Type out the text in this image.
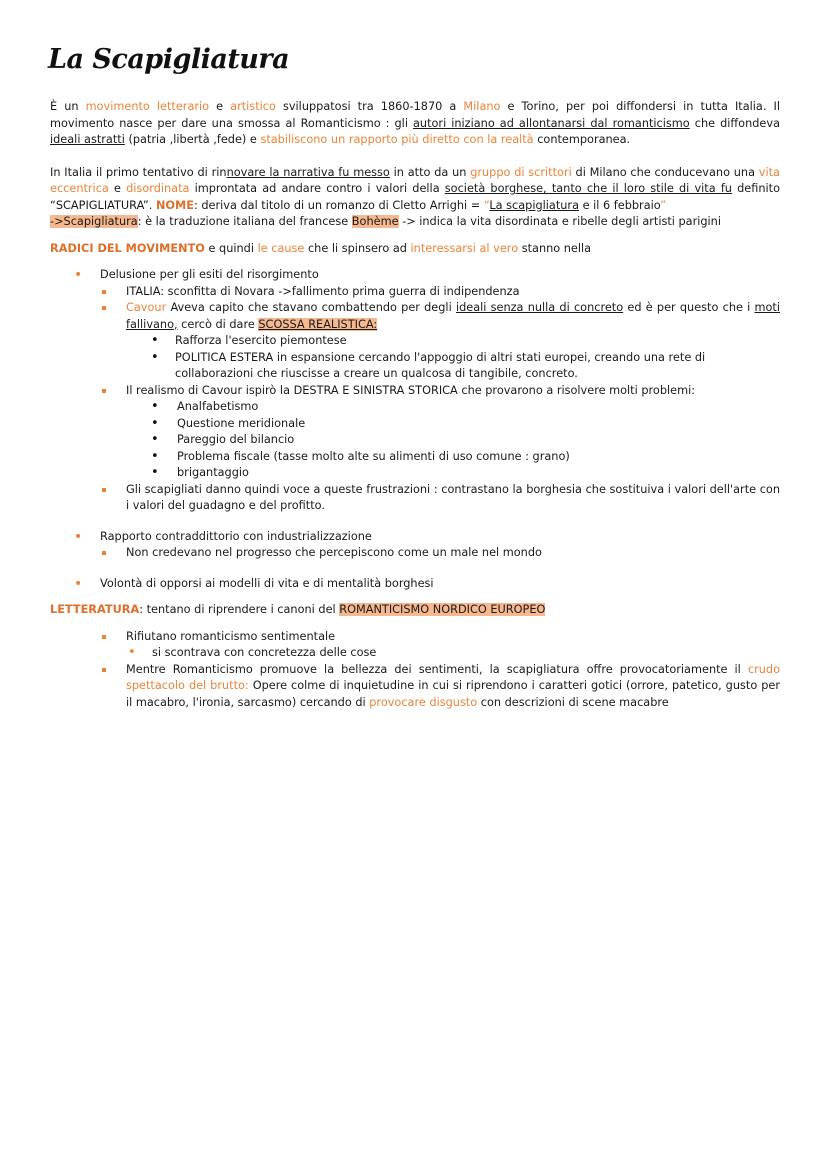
La Scapigliatura

È un movimento letterario e artistico sviluppatosi tra 1860-1870 a Milano e Torino, per poi diffondersi in tutta Italia. Il movimento nasce per dare una smossa al Romanticismo : gli autori iniziano ad allontanarsi dal romanticismo che diffondeva ideali astratti (patria ,libertà ,fede) e stabiliscono un rapporto più diretto con la realtà contemporanea.

In Italia il primo tentativo di rinnovare la narrativa fu messo in atto da un gruppo di scrittori di Milano che conducevano una vita eccentrica e disordinata improntata ad andare contro i valori della società borghese, tanto che il loro stile di vita fu definito “SCAPIGLIATURA”. NOME: deriva dal titolo di un romanzo di Cletto Arrighi = “La scapigliatura e il 6 febbraio”

->Scapigliatura: è la traduzione italiana del francese Bohème -> indica la vita disordinata e ribelle degli artisti parigini

RADICI DEL MOVIMENTO e quindi le cause che li spinsero ad interessarsi al vero stanno nella

• Delusione per gli esiti del risorgimento
ITALIA: sconfitta di Novara ->fallimento prima guerra di indipendenza
Cavour Aveva capito che stavano combattendo per degli ideali senza nulla di concreto ed è per questo che i moti fallivano, cercò di dare SCOSSA REALISTICA:
• Rafforza l'esercito piemontese
• POLITICA ESTERA in espansione cercando l'appoggio di altri stati europei, creando una rete di collaborazioni che riuscisse a creare un qualcosa di tangibile, concreto.
Il realismo di Cavour ispirò la DESTRA E SINISTRA STORICA che provarono a risolvere molti problemi:
• Analfabetismo
• Questione meridionale
• Pareggio del bilancio
• Problema fiscale (tasse molto alte su alimenti di uso comune : grano)
• brigantaggio
Gli scapigliati danno quindi voce a queste frustrazioni : contrastano la borghesia che sostituiva i valori dell'arte con i valori del guadagno e del profitto.
• Rapporto contraddittorio con industrializzazione
Non credevano nel progresso che percepiscono come un male nel mondo
• Volontà di opporsi ai modelli di vita e di mentalità borghesi

LETTERATURA: tentano di riprendere i canoni del ROMANTICISMO NORDICO EUROPEO

Rifiutano romanticismo sentimentale
• si scontrava con concretezza delle cose
Mentre Romanticismo promuove la bellezza dei sentimenti, la scapigliatura offre provocatoriamente il crudo spettacolo del brutto: Opere colme di inquietudine in cui si riprendono i caratteri gotici (orrore, patetico, gusto per il macabro, l'ironia, sarcasmo) cercando di provocare disgusto con descrizioni di scene macabre
